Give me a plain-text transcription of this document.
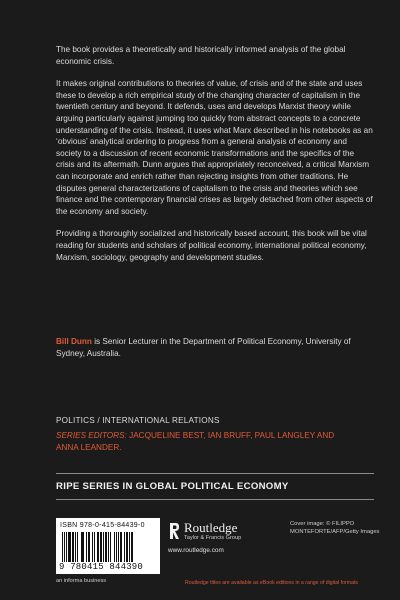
The book provides a theoretically and historically informed analysis of the global economic crisis.

It makes original contributions to theories of value, of crisis and of the state and uses these to develop a rich empirical study of the changing character of capitalism in the twentieth century and beyond. It defends, uses and develops Marxist theory while arguing particularly against jumping too quickly from abstract concepts to a concrete understanding of the crisis. Instead, it uses what Marx described in his notebooks as an ‘obvious’ analytical ordering to progress from a general analysis of economy and society to a discussion of recent economic transformations and the specifics of the crisis and its aftermath. Dunn argues that appropriately reconceived, a critical Marxism can incorporate and enrich rather than rejecting insights from other traditions. He disputes general characterizations of capitalism to the crisis and theories which see finance and the contemporary financial crises as largely detached from other aspects of the economy and society.

Providing a thoroughly socialized and historically based account, this book will be vital reading for students and scholars of political economy, international political economy, Marxism, sociology, geography and development studies.

Bill Dunn is Senior Lecturer in the Department of Political Economy, University of Sydney, Australia.
POLITICS / INTERNATIONAL RELATIONS
SERIES EDITORS: JACQUELINE BEST, IAN BRUFF, PAUL LANGLEY AND ANNA LEANDER.
RIPE SERIES IN GLOBAL POLITICAL ECONOMY
ISBN 978-0-415-84439-0
9 780415 844390
an informa business
Routledge
Taylor & Francis Group
www.routledge.com
Cover image: © FILIPPO MONTEFORTE/AFP/Getty Images
Routledge titles are available as eBook editions in a range of digital formats
